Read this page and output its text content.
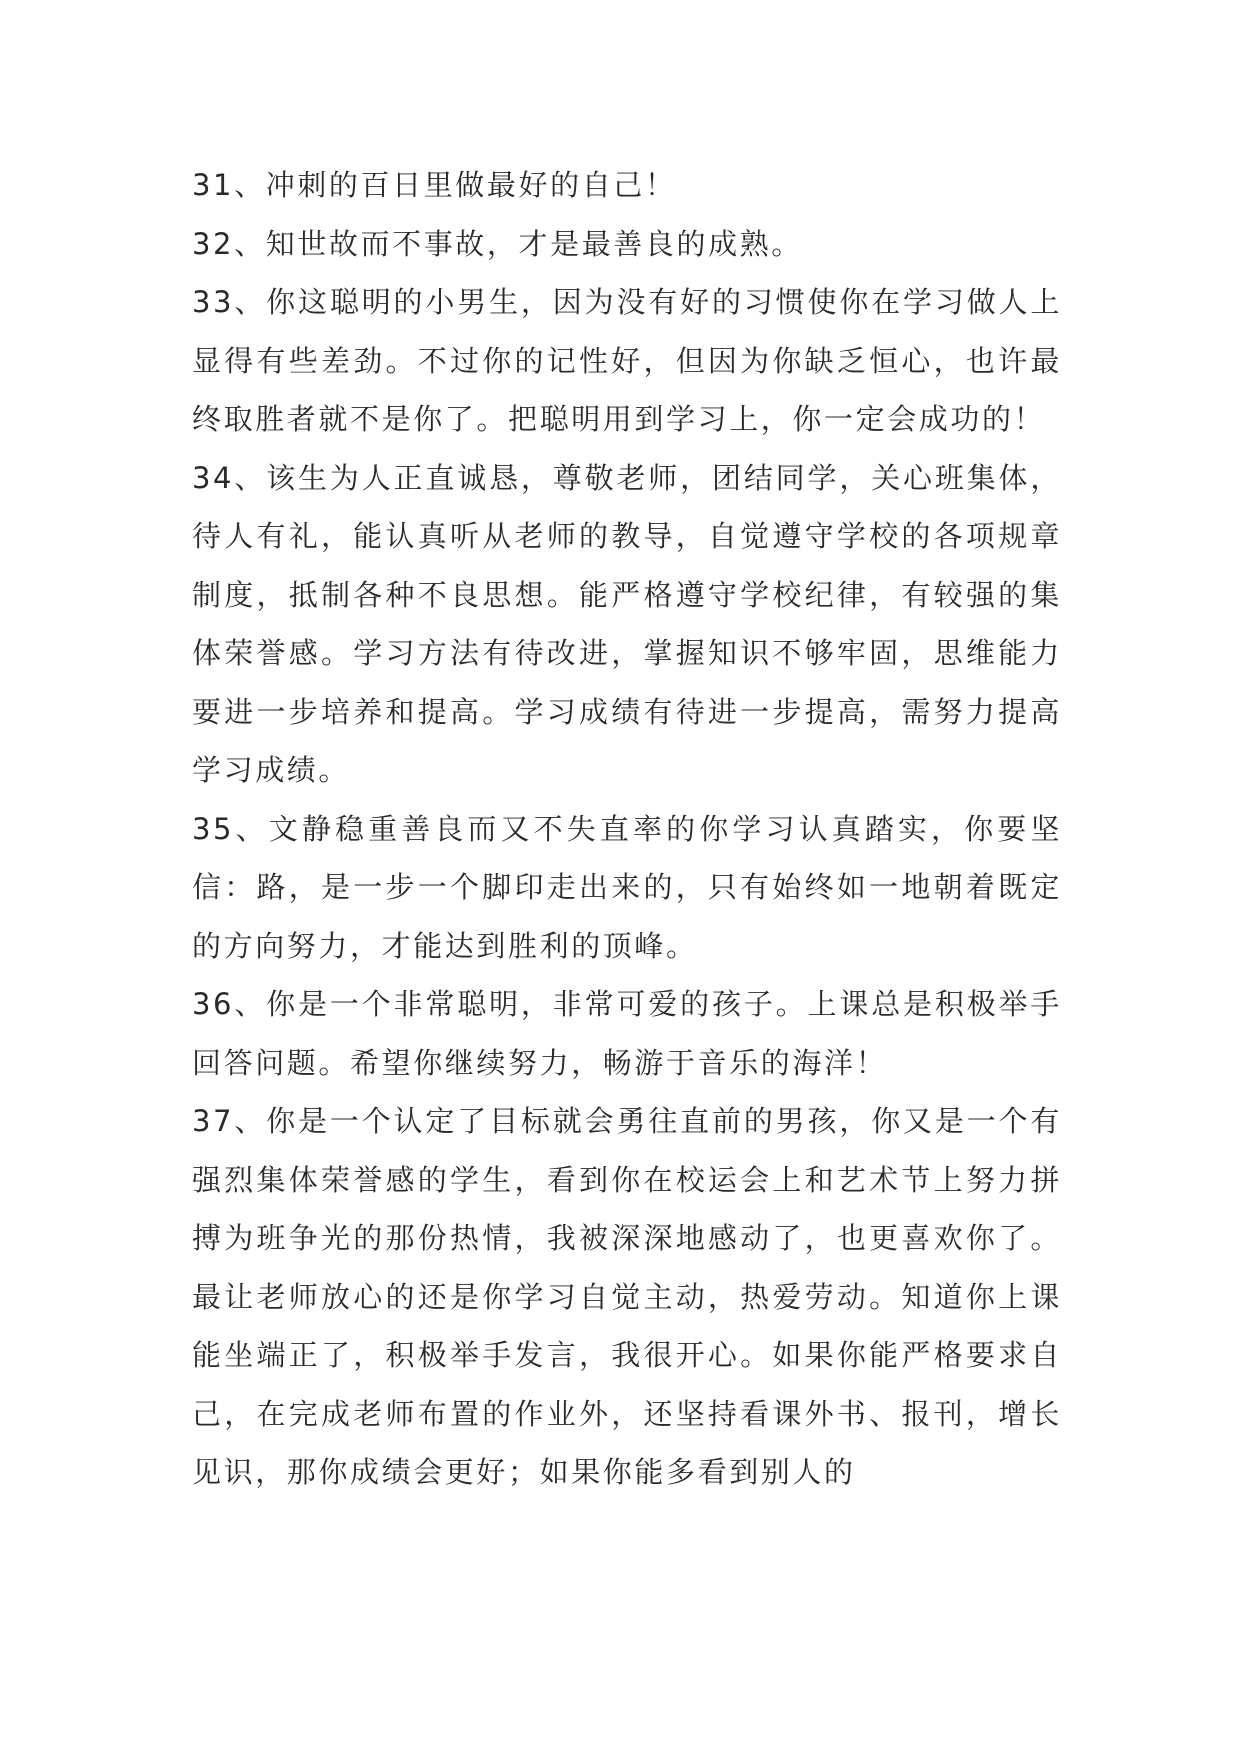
31、冲刺的百日里做最好的自己！

32、知世故而不事故，才是最善良的成熟。

33、你这聪明的小男生，因为没有好的习惯使你在学习做人上显得有些差劲。不过你的记性好，但因为你缺乏恒心，也许最终取胜者就不是你了。把聪明用到学习上，你一定会成功的！

34、该生为人正直诚恳，尊敬老师，团结同学，关心班集体，待人有礼，能认真听从老师的教导，自觉遵守学校的各项规章制度，抵制各种不良思想。能严格遵守学校纪律，有较强的集体荣誉感。学习方法有待改进，掌握知识不够牢固，思维能力要进一步培养和提高。学习成绩有待进一步提高，需努力提高学习成绩。

35、文静稳重善良而又不失直率的你学习认真踏实，你要坚信：路，是一步一个脚印走出来的，只有始终如一地朝着既定的方向努力，才能达到胜利的顶峰。

36、你是一个非常聪明，非常可爱的孩子。上课总是积极举手回答问题。希望你继续努力，畅游于音乐的海洋！

37、你是一个认定了目标就会勇往直前的男孩，你又是一个有强烈集体荣誉感的学生，看到你在校运会上和艺术节上努力拼搏为班争光的那份热情，我被深深地感动了，也更喜欢你了。最让老师放心的还是你学习自觉主动，热爱劳动。知道你上课能坐端正了，积极举手发言，我很开心。如果你能严格要求自己，在完成老师布置的作业外，还坚持看课外书、报刊，增长见识，那你成绩会更好；如果你能多看到别人的
